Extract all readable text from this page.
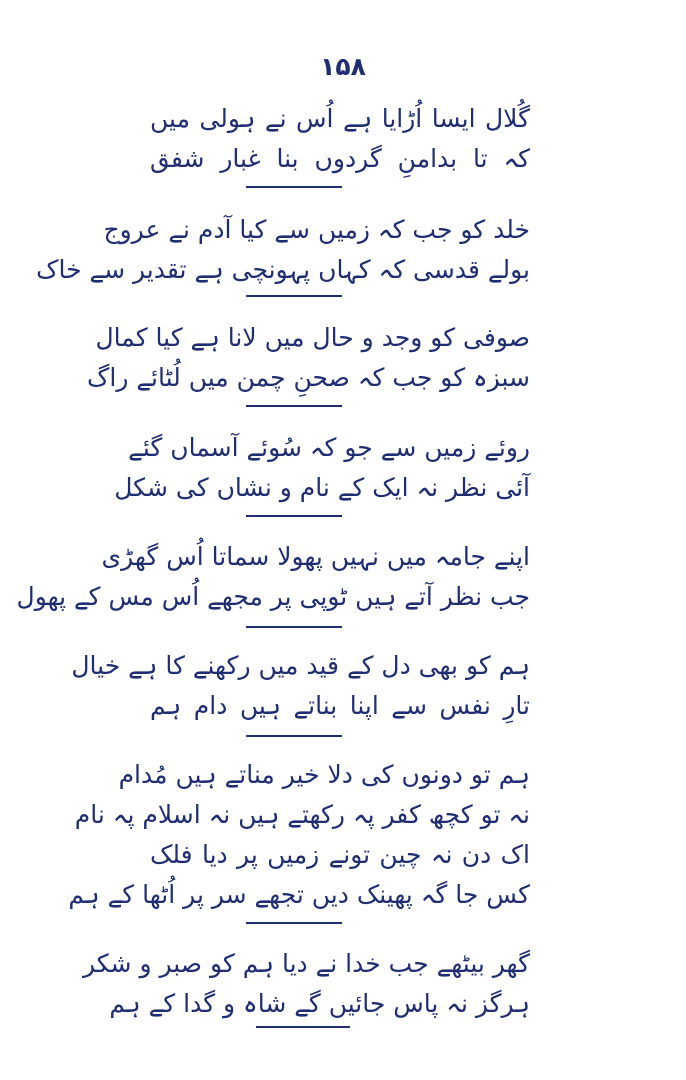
۱۵۸
گُلال ایسا اُڑایا ہے اُس نے ہولی میں
کہ تا بدامنِ گردوں بنا غبار شفق
خلد کو جب کہ زمیں سے کیا آدم نے عروج
بولے قدسی کہ کہاں پہونچی ہے تقدیر سے خاک
صوفی کو وجد و حال میں لانا ہے کیا کمال
سبزہ کو جب کہ صحنِ چمن میں لُٹائے راگ
روئے زمیں سے جو کہ سُوئے آسماں گئے
آئی نظر نہ ایک کے نام و نشاں کی شکل
اپنے جامہ میں نہیں پھولا سماتا اُس گھڑی
جب نظر آتے ہیں ٹوپی پر مجھے اُس مس کے پھول
ہم کو بھی دل کے قید میں رکھنے کا ہے خیال
تارِ نفس سے اپنا بناتے ہیں دام ہم
ہم تو دونوں کی دلا خیر مناتے ہیں مُدام
نہ تو کچھ کفر پہ رکھتے ہیں نہ اسلام پہ نام
اک دن نہ چین تونے زمیں پر دیا فلک
کس جا گہ پھینک دیں تجھے سر پر اُٹھا کے ہم
گھر بیٹھے جب خدا نے دیا ہم کو صبر و شکر
ہرگز نہ پاس جائیں گے شاہ و گدا کے ہم
